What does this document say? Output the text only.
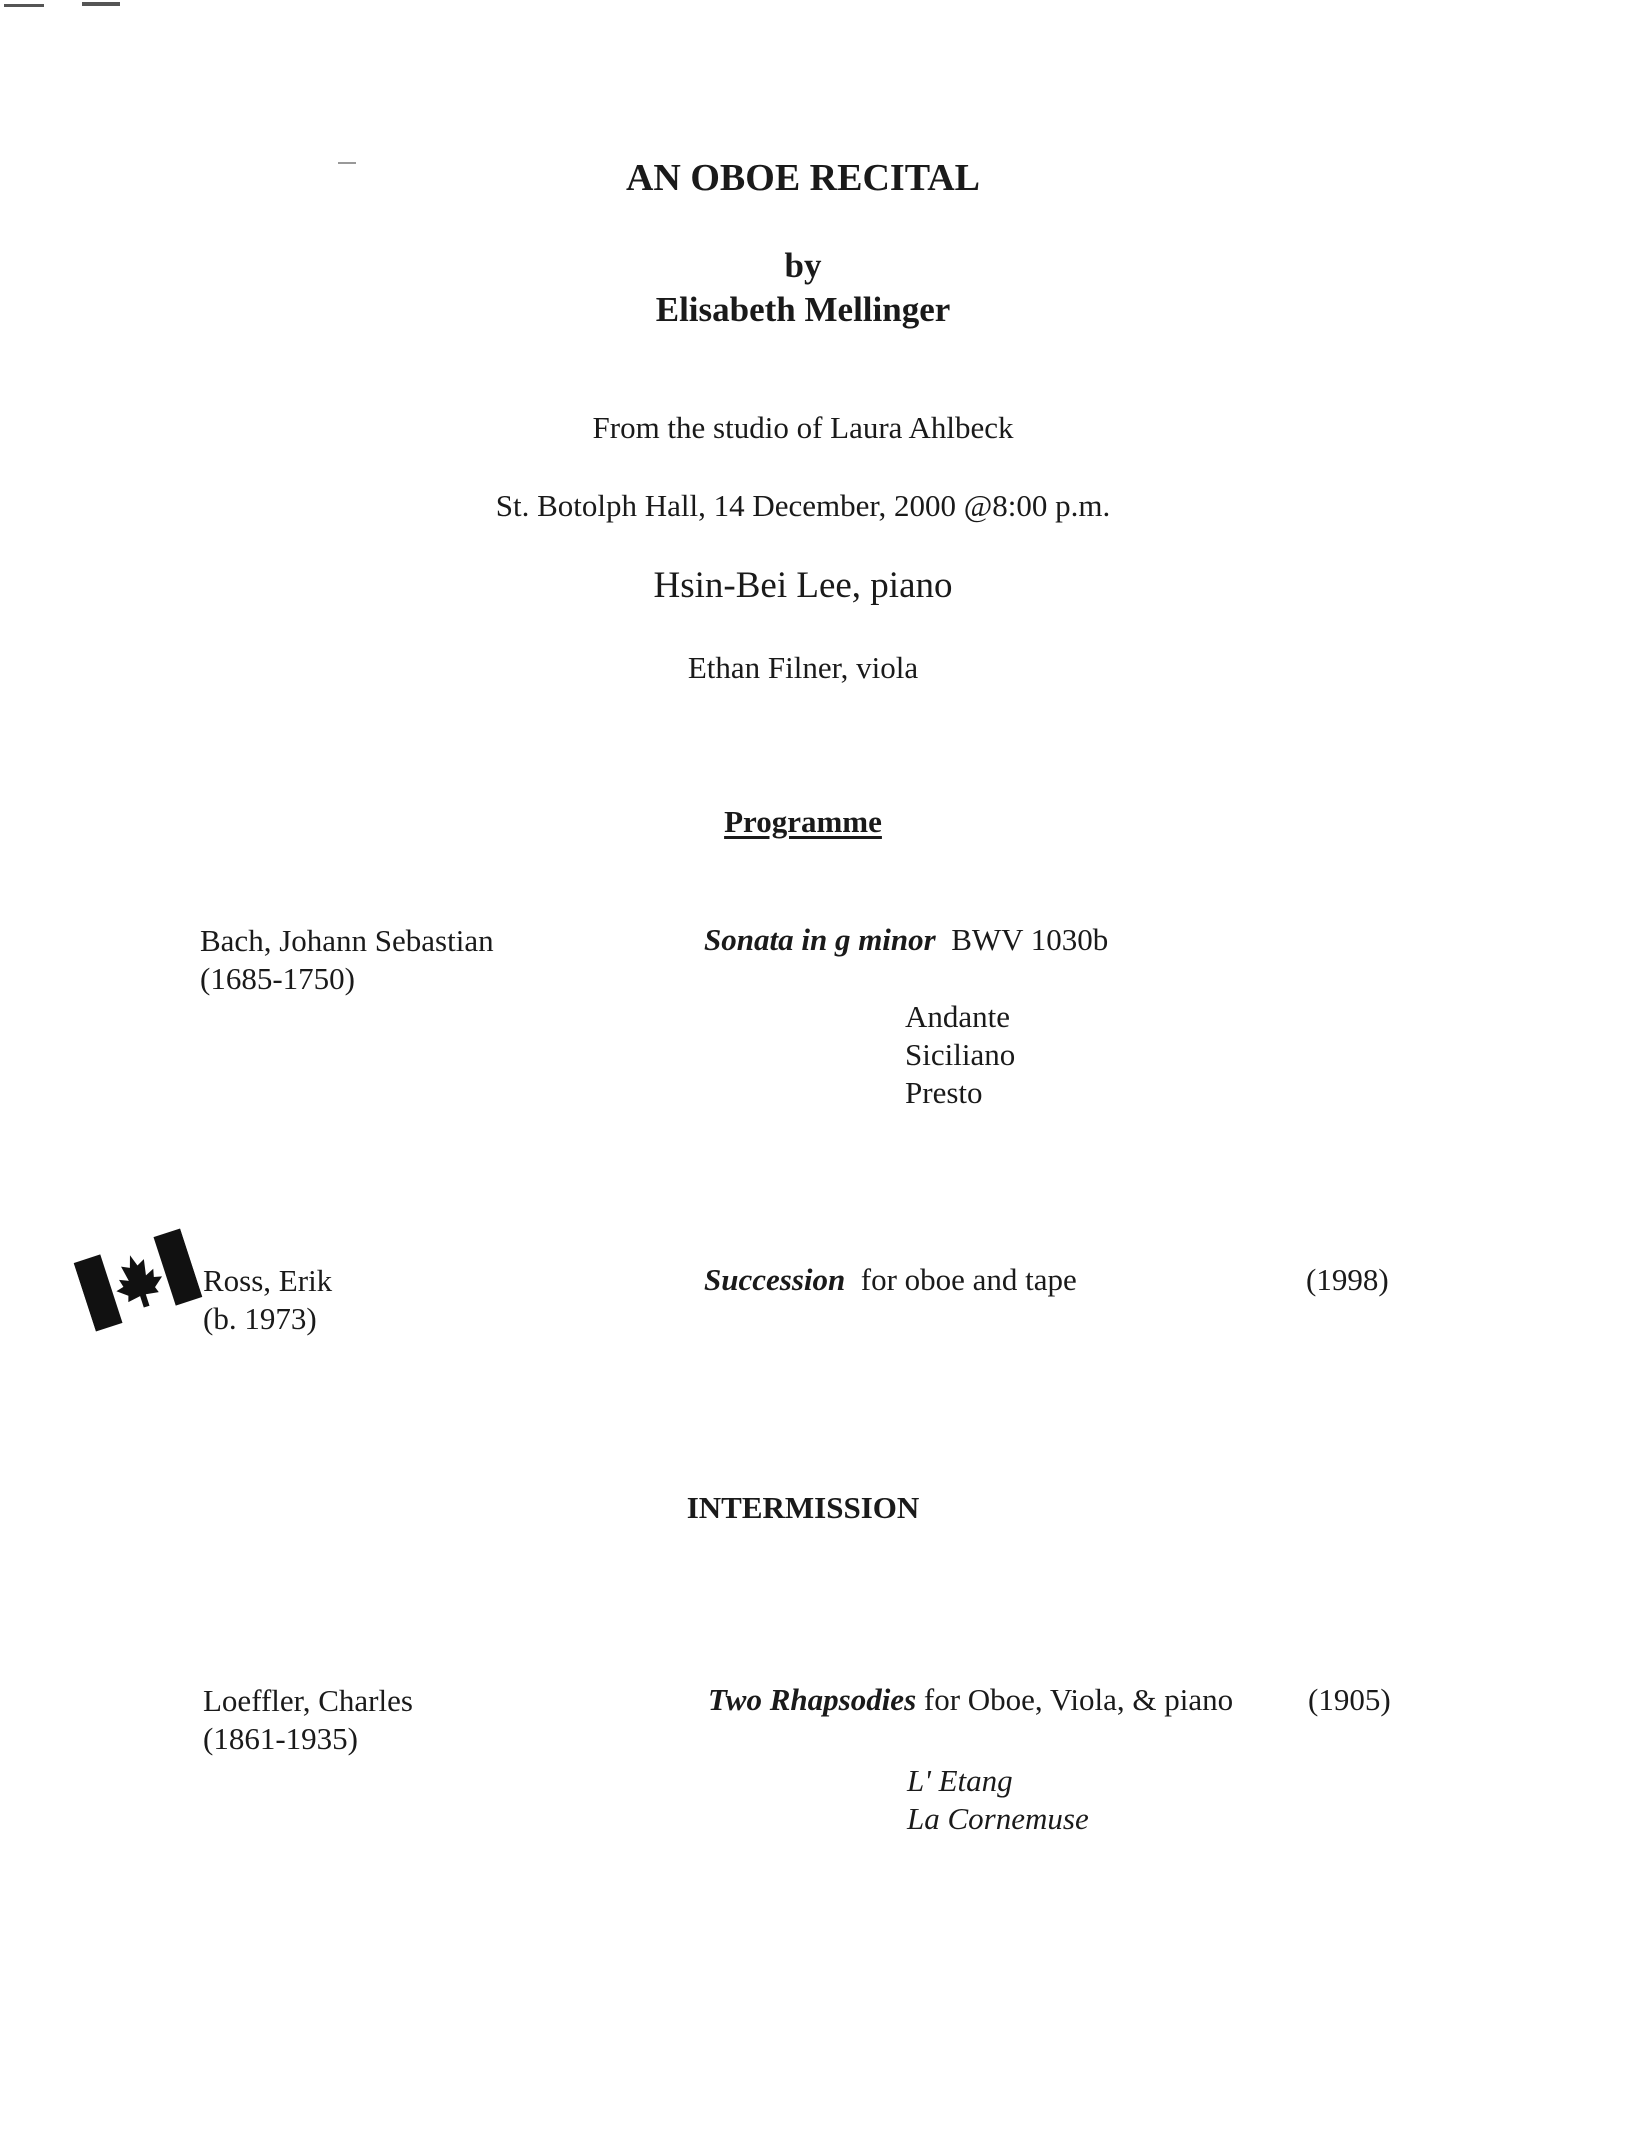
AN OBOE RECITAL
by
Elisabeth Mellinger
From the studio of Laura Ahlbeck
St. Botolph Hall, 14 December, 2000 @8:00 p.m.
Hsin-Bei Lee, piano
Ethan Filner, viola
Programme
Bach, Johann Sebastian
(1685-1750)
Sonata in g minor BWV 1030b
Andante
Siciliano
Presto
Ross, Erik
(b. 1973)
Succession for oboe and tape	(1998)
INTERMISSION
Loeffler, Charles
(1861-1935)
Two Rhapsodies for Oboe, Viola, & piano (1905)
L' Etang
La Cornemuse
